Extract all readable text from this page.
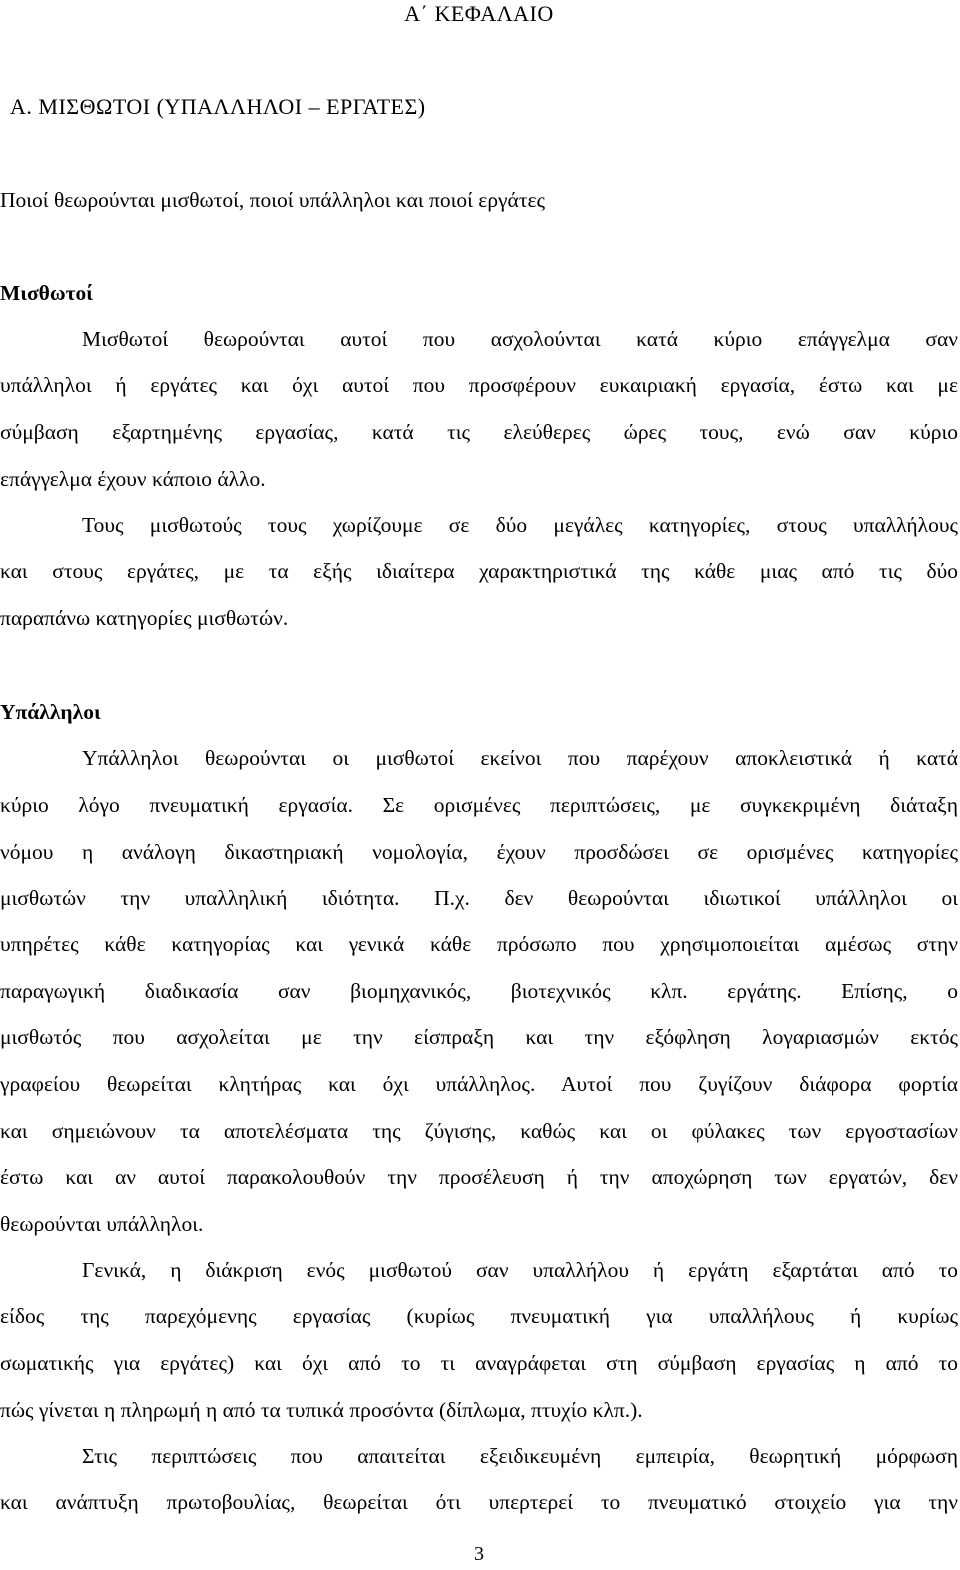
Α΄ ΚΕΦΑΛΑΙΟ
Α. ΜΙΣΘΩΤΟΙ (ΥΠΑΛΛΗΛΟΙ – ΕΡΓΑΤΕΣ)
Ποιοί θεωρούνται μισθωτοί, ποιοί υπάλληλοι και ποιοί εργάτες
Μισθωτοί
Μισθωτοί θεωρούνται αυτοί που ασχολούνται κατά κύριο επάγγελμα σαν
υπάλληλοι ή εργάτες και όχι αυτοί που προσφέρουν ευκαιριακή εργασία, έστω και με
σύμβαση εξαρτημένης εργασίας, κατά τις ελεύθερες ώρες τους, ενώ σαν κύριο
επάγγελμα έχουν κάποιο άλλο.
Τους μισθωτούς τους χωρίζουμε σε δύο μεγάλες κατηγορίες, στους υπαλλήλους
και στους εργάτες, με τα εξής ιδιαίτερα χαρακτηριστικά της κάθε μιας από τις δύο
παραπάνω κατηγορίες μισθωτών.
Υπάλληλοι
Υπάλληλοι θεωρούνται οι μισθωτοί εκείνοι που παρέχουν αποκλειστικά ή κατά
κύριο λόγο πνευματική εργασία. Σε ορισμένες περιπτώσεις, με συγκεκριμένη διάταξη
νόμου η ανάλογη δικαστηριακή νομολογία, έχουν προσδώσει σε ορισμένες κατηγορίες
μισθωτών την υπαλληλική ιδιότητα. Π.χ. δεν θεωρούνται ιδιωτικοί υπάλληλοι οι
υπηρέτες κάθε κατηγορίας και γενικά κάθε πρόσωπο που χρησιμοποιείται αμέσως στην
παραγωγική διαδικασία σαν βιομηχανικός, βιοτεχνικός κλπ. εργάτης. Επίσης, ο
μισθωτός που ασχολείται με την είσπραξη και την εξόφληση λογαριασμών εκτός
γραφείου θεωρείται κλητήρας και όχι υπάλληλος. Αυτοί που ζυγίζουν διάφορα φορτία
και σημειώνουν τα αποτελέσματα της ζύγισης, καθώς και οι φύλακες των εργοστασίων
έστω και αν αυτοί παρακολουθούν την προσέλευση ή την αποχώρηση των εργατών, δεν
θεωρούνται υπάλληλοι.
Γενικά, η διάκριση ενός μισθωτού σαν υπαλλήλου ή εργάτη εξαρτάται από το
είδος της παρεχόμενης εργασίας (κυρίως πνευματική για υπαλλήλους ή κυρίως
σωματικής για εργάτες) και όχι από το τι αναγράφεται στη σύμβαση εργασίας η από το
πώς γίνεται η πληρωμή η από τα τυπικά προσόντα (δίπλωμα, πτυχίο κλπ.).
Στις περιπτώσεις που απαιτείται εξειδικευμένη εμπειρία, θεωρητική μόρφωση
και ανάπτυξη πρωτοβουλίας, θεωρείται ότι υπερτερεί το πνευματικό στοιχείο για την
3
